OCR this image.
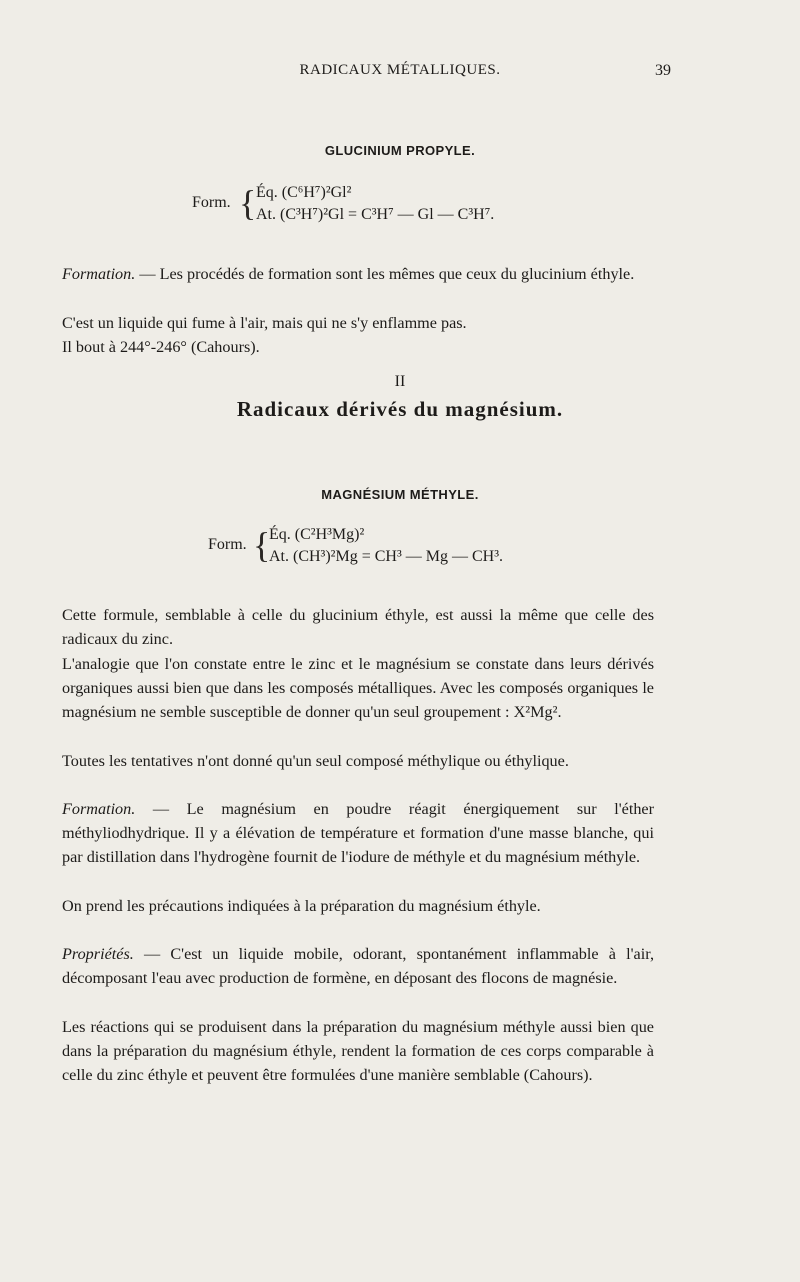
RADICAUX MÉTALLIQUES.	39
GLUCINIUM PROPYLE.
Form. { Éq. (C⁶H⁷)²Gl²
At. (C³H⁷)²Gl = C³H⁷ — Gl — C³H⁷.
Formation. — Les procédés de formation sont les mêmes que ceux du glucinium éthyle.
C'est un liquide qui fume à l'air, mais qui ne s'y enflamme pas.
Il bout à 244°-246° (Cahours).
II
Radicaux dérivés du magnésium.
MAGNÉSIUM MÉTHYLE.
Form. {
Éq. (C²H³Mg)²
At. (CH³)²Mg = CH³ — Mg — CH³.
Cette formule, semblable à celle du glucinium éthyle, est aussi la même que celle des radicaux du zinc.
L'analogie que l'on constate entre le zinc et le magnésium se constate dans leurs dérivés organiques aussi bien que dans les composés métalliques. Avec les composés organiques le magnésium ne semble susceptible de donner qu'un seul groupement : X²Mg².
Toutes les tentatives n'ont donné qu'un seul composé méthylique ou éthylique.
Formation. — Le magnésium en poudre réagit énergiquement sur l'éther méthyliodhydrique. Il y a élévation de température et formation d'une masse blanche, qui par distillation dans l'hydrogène fournit de l'iodure de méthyle et du magnésium méthyle.
On prend les précautions indiquées à la préparation du magnésium éthyle.
Propriétés. — C'est un liquide mobile, odorant, spontanément inflammable à l'air, décomposant l'eau avec production de formène, en déposant des flocons de magnésie.
Les réactions qui se produisent dans la préparation du magnésium méthyle aussi bien que dans la préparation du magnésium éthyle, rendent la formation de ces corps comparable à celle du zinc éthyle et peuvent être formulées d'une manière semblable (Cahours).
